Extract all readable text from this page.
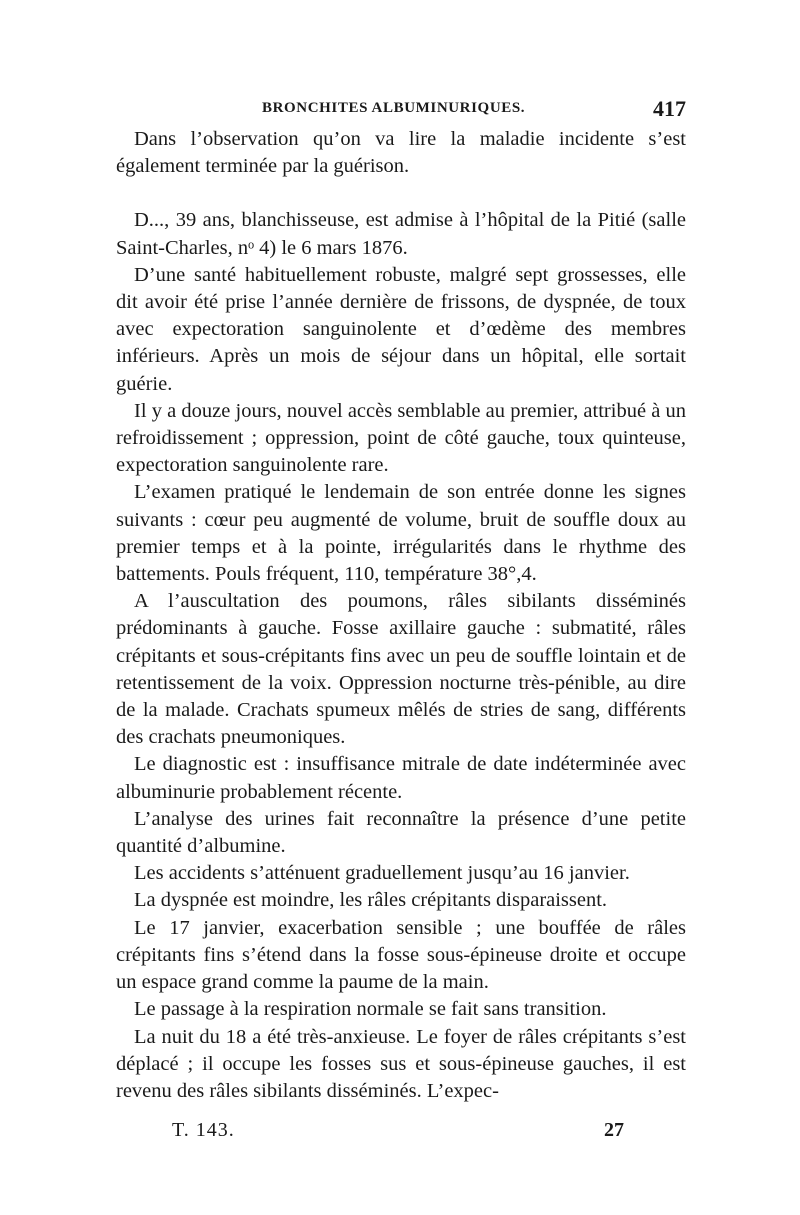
BRONCHITES ALBUMINURIQUES.	417

Dans l’observation qu’on va lire la maladie incidente s’est également terminée par la guérison.

D..., 39 ans, blanchisseuse, est admise à l’hôpital de la Pitié (salle Saint-Charles, nᵒ 4) le 6 mars 1876.

D’une santé habituellement robuste, malgré sept grossesses, elle dit avoir été prise l’année dernière de frissons, de dyspnée, de toux avec expectoration sanguinolente et d’œdème des membres inférieurs. Après un mois de séjour dans un hôpital, elle sortait guérie.

Il y a douze jours, nouvel accès semblable au premier, attribué à un refroidissement ; oppression, point de côté gauche, toux quinteuse, expectoration sanguinolente rare.

L’examen pratiqué le lendemain de son entrée donne les signes suivants : cœur peu augmenté de volume, bruit de souffle doux au premier temps et à la pointe, irrégularités dans le rhythme des battements. Pouls fréquent, 110, température 38°,4.

A l’auscultation des poumons, râles sibilants disséminés prédominants à gauche. Fosse axillaire gauche : submatité, râles crépitants et sous-crépitants fins avec un peu de souffle lointain et de retentissement de la voix. Oppression nocturne très-pénible, au dire de la malade. Crachats spumeux mêlés de stries de sang, différents des crachats pneumoniques.

Le diagnostic est : insuffisance mitrale de date indéterminée avec albuminurie probablement récente.

L’analyse des urines fait reconnaître la présence d’une petite quantité d’albumine.

Les accidents s’atténuent graduellement jusqu’au 16 janvier.

La dyspnée est moindre, les râles crépitants disparaissent.

Le 17 janvier, exacerbation sensible ; une bouffée de râles crépitants fins s’étend dans la fosse sous-épineuse droite et occupe un espace grand comme la paume de la main.

Le passage à la respiration normale se fait sans transition.

La nuit du 18 a été très-anxieuse. Le foyer de râles crépitants s’est déplacé ; il occupe les fosses sus et sous-épineuse gauches, il est revenu des râles sibilants disséminés. L’expec-

T. 143.	27
